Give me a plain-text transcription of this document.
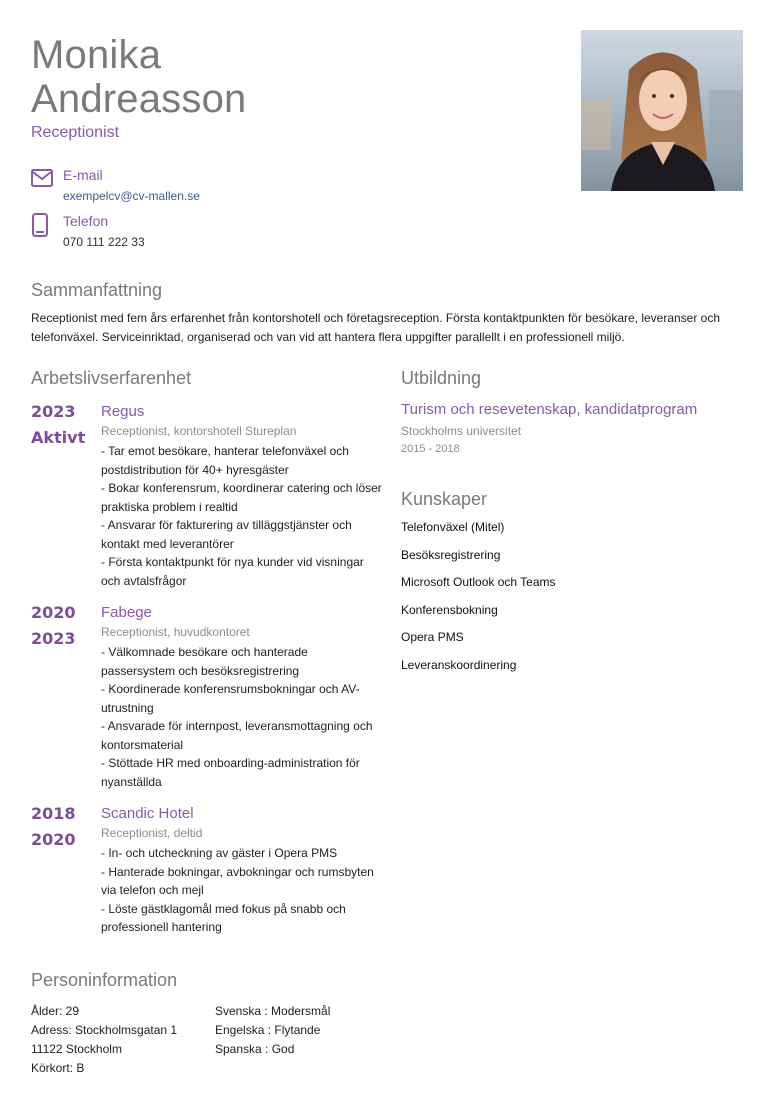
Monika
Andreasson
Receptionist
E-mail
exempelcv@cv-mallen.se
Telefon
070 111 222 33
Sammanfattning
Receptionist med fem års erfarenhet från kontorshotell och företagsreception. Första kontaktpunkten för besökare, leveranser och telefonväxel. Serviceinriktad, organiserad och van vid att hantera flera uppgifter parallellt i en professionell miljö.
Arbetslivserfarenhet
2023
Aktivt
Regus
Receptionist, kontorshotell Stureplan
- Tar emot besökare, hanterar telefonväxel och postdistribution för 40+ hyresgäster
- Bokar konferensrum, koordinerar catering och löser praktiska problem i realtid
- Ansvarar för fakturering av tilläggstjänster och kontakt med leverantörer
- Första kontaktpunkt för nya kunder vid visningar och avtalsfrågor
2020
2023
Fabege
Receptionist, huvudkontoret
- Välkomnade besökare och hanterade passersystem och besöksregistrering
- Koordinerade konferensrumsbokningar och AV-utrustning
- Ansvarade för internpost, leveransmottagning och kontorsmaterial
- Stöttade HR med onboarding-administration för nyanställda
2018
2020
Scandic Hotel
Receptionist, deltid
- In- och utcheckning av gäster i Opera PMS
- Hanterade bokningar, avbokningar och rumsbyten via telefon och mejl
- Löste gästklagomål med fokus på snabb och professionell hantering
Utbildning
Turism och resevetenskap, kandidatprogram
Stockholms universitet
2015 - 2018
Kunskaper
Telefonväxel (Mitel)
Besöksregistrering
Microsoft Outlook och Teams
Konferensbokning
Opera PMS
Leveranskoordinering
Personinformation
Ålder: 29
Adress: Stockholmsgatan 1
11122 Stockholm
Körkort: B
Svenska : Modersmål
Engelska : Flytande
Spanska : God
